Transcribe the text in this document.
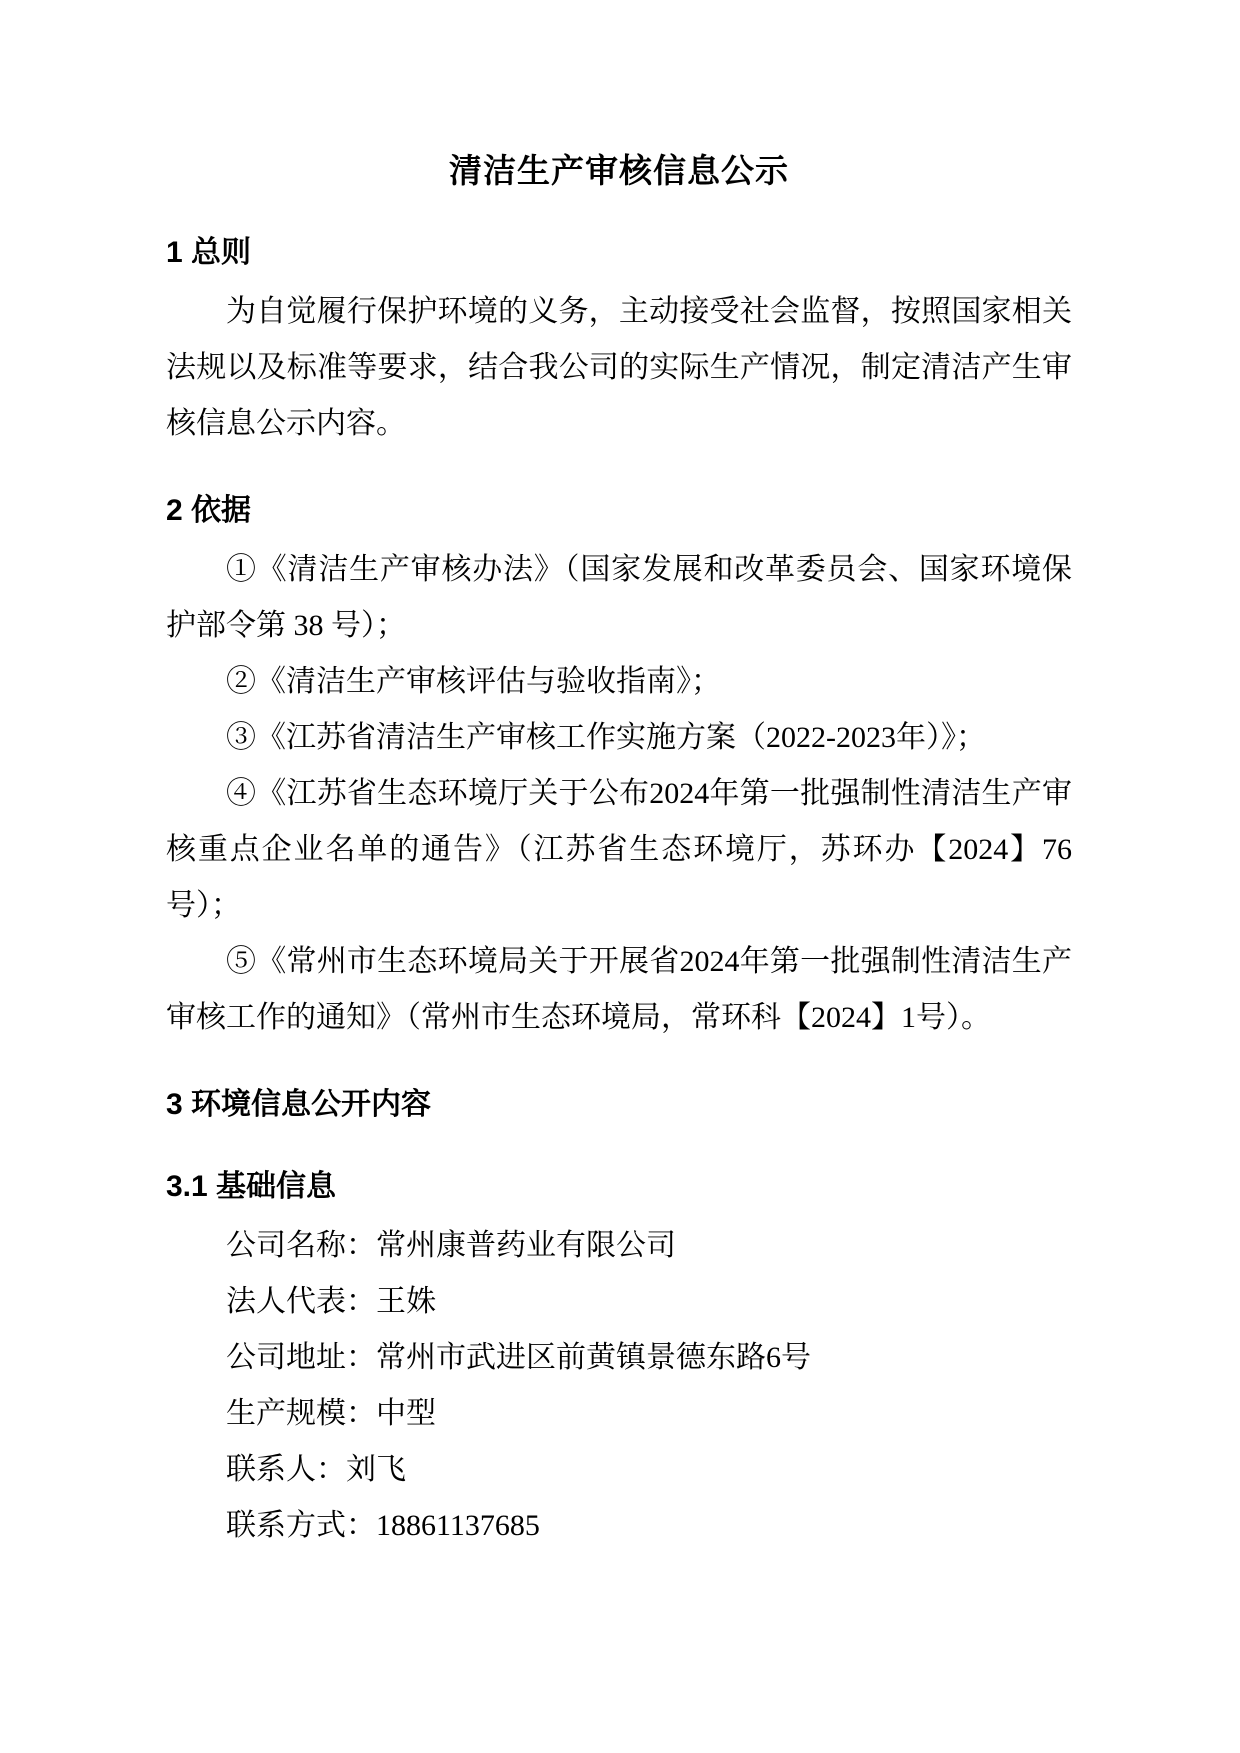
清洁生产审核信息公示
1 总则

为自觉履行保护环境的义务，主动接受社会监督，按照国家相关法规以及标准等要求，结合我公司的实际生产情况，制定清洁产生审核信息公示内容。

2 依据

①《清洁生产审核办法》（国家发展和改革委员会、国家环境保护部令第 38 号）；

②《清洁生产审核评估与验收指南》；

③《江苏省清洁生产审核工作实施方案（2022-2023年）》；

④《江苏省生态环境厅关于公布2024年第一批强制性清洁生产审核重点企业名单的通告》（江苏省生态环境厅，苏环办【2024】76号）；

⑤《常州市生态环境局关于开展省2024年第一批强制性清洁生产审核工作的通知》（常州市生态环境局，常环科【2024】1号）。

3 环境信息公开内容
3.1 基础信息

公司名称：常州康普药业有限公司

法人代表：王姝

公司地址：常州市武进区前黄镇景德东路6号

生产规模：中型

联系人：刘飞

联系方式：18861137685
